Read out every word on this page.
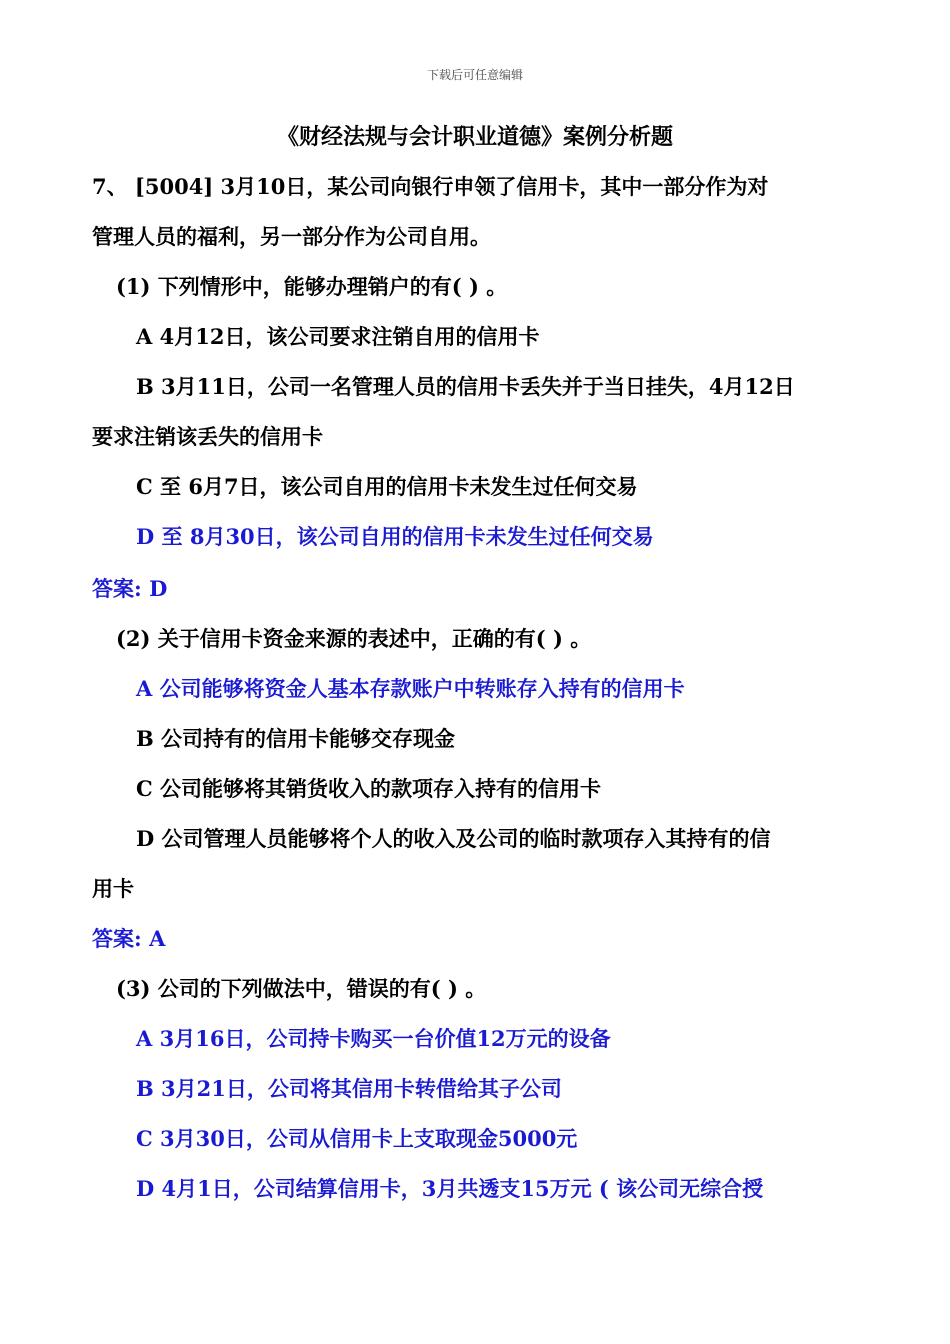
下载后可任意编辑
《财经法规与会计职业道德》案例分析题
7、 [5004] 3月10日，某公司向银行申领了信用卡，其中一部分作为对
管理人员的福利，另一部分作为公司自用。
(1) 下列情形中，能够办理销户的有( ) 。
A 4月12日，该公司要求注销自用的信用卡
B 3月11日，公司一名管理人员的信用卡丢失并于当日挂失，4月12日
要求注销该丢失的信用卡
C 至 6月7日，该公司自用的信用卡未发生过任何交易
D 至 8月30日，该公司自用的信用卡未发生过任何交易
答案: D
(2) 关于信用卡资金来源的表述中，正确的有( ) 。
A 公司能够将资金人基本存款账户中转账存入持有的信用卡
B 公司持有的信用卡能够交存现金
C 公司能够将其销货收入的款项存入持有的信用卡
D 公司管理人员能够将个人的收入及公司的临时款项存入其持有的信
用卡
答案: A
(3) 公司的下列做法中，错误的有( ) 。
A 3月16日，公司持卡购买一台价值12万元的设备
B 3月21日，公司将其信用卡转借给其子公司
C 3月30日，公司从信用卡上支取现金5000元
D 4月1日，公司结算信用卡，3月共透支15万元 ( 该公司无综合授
